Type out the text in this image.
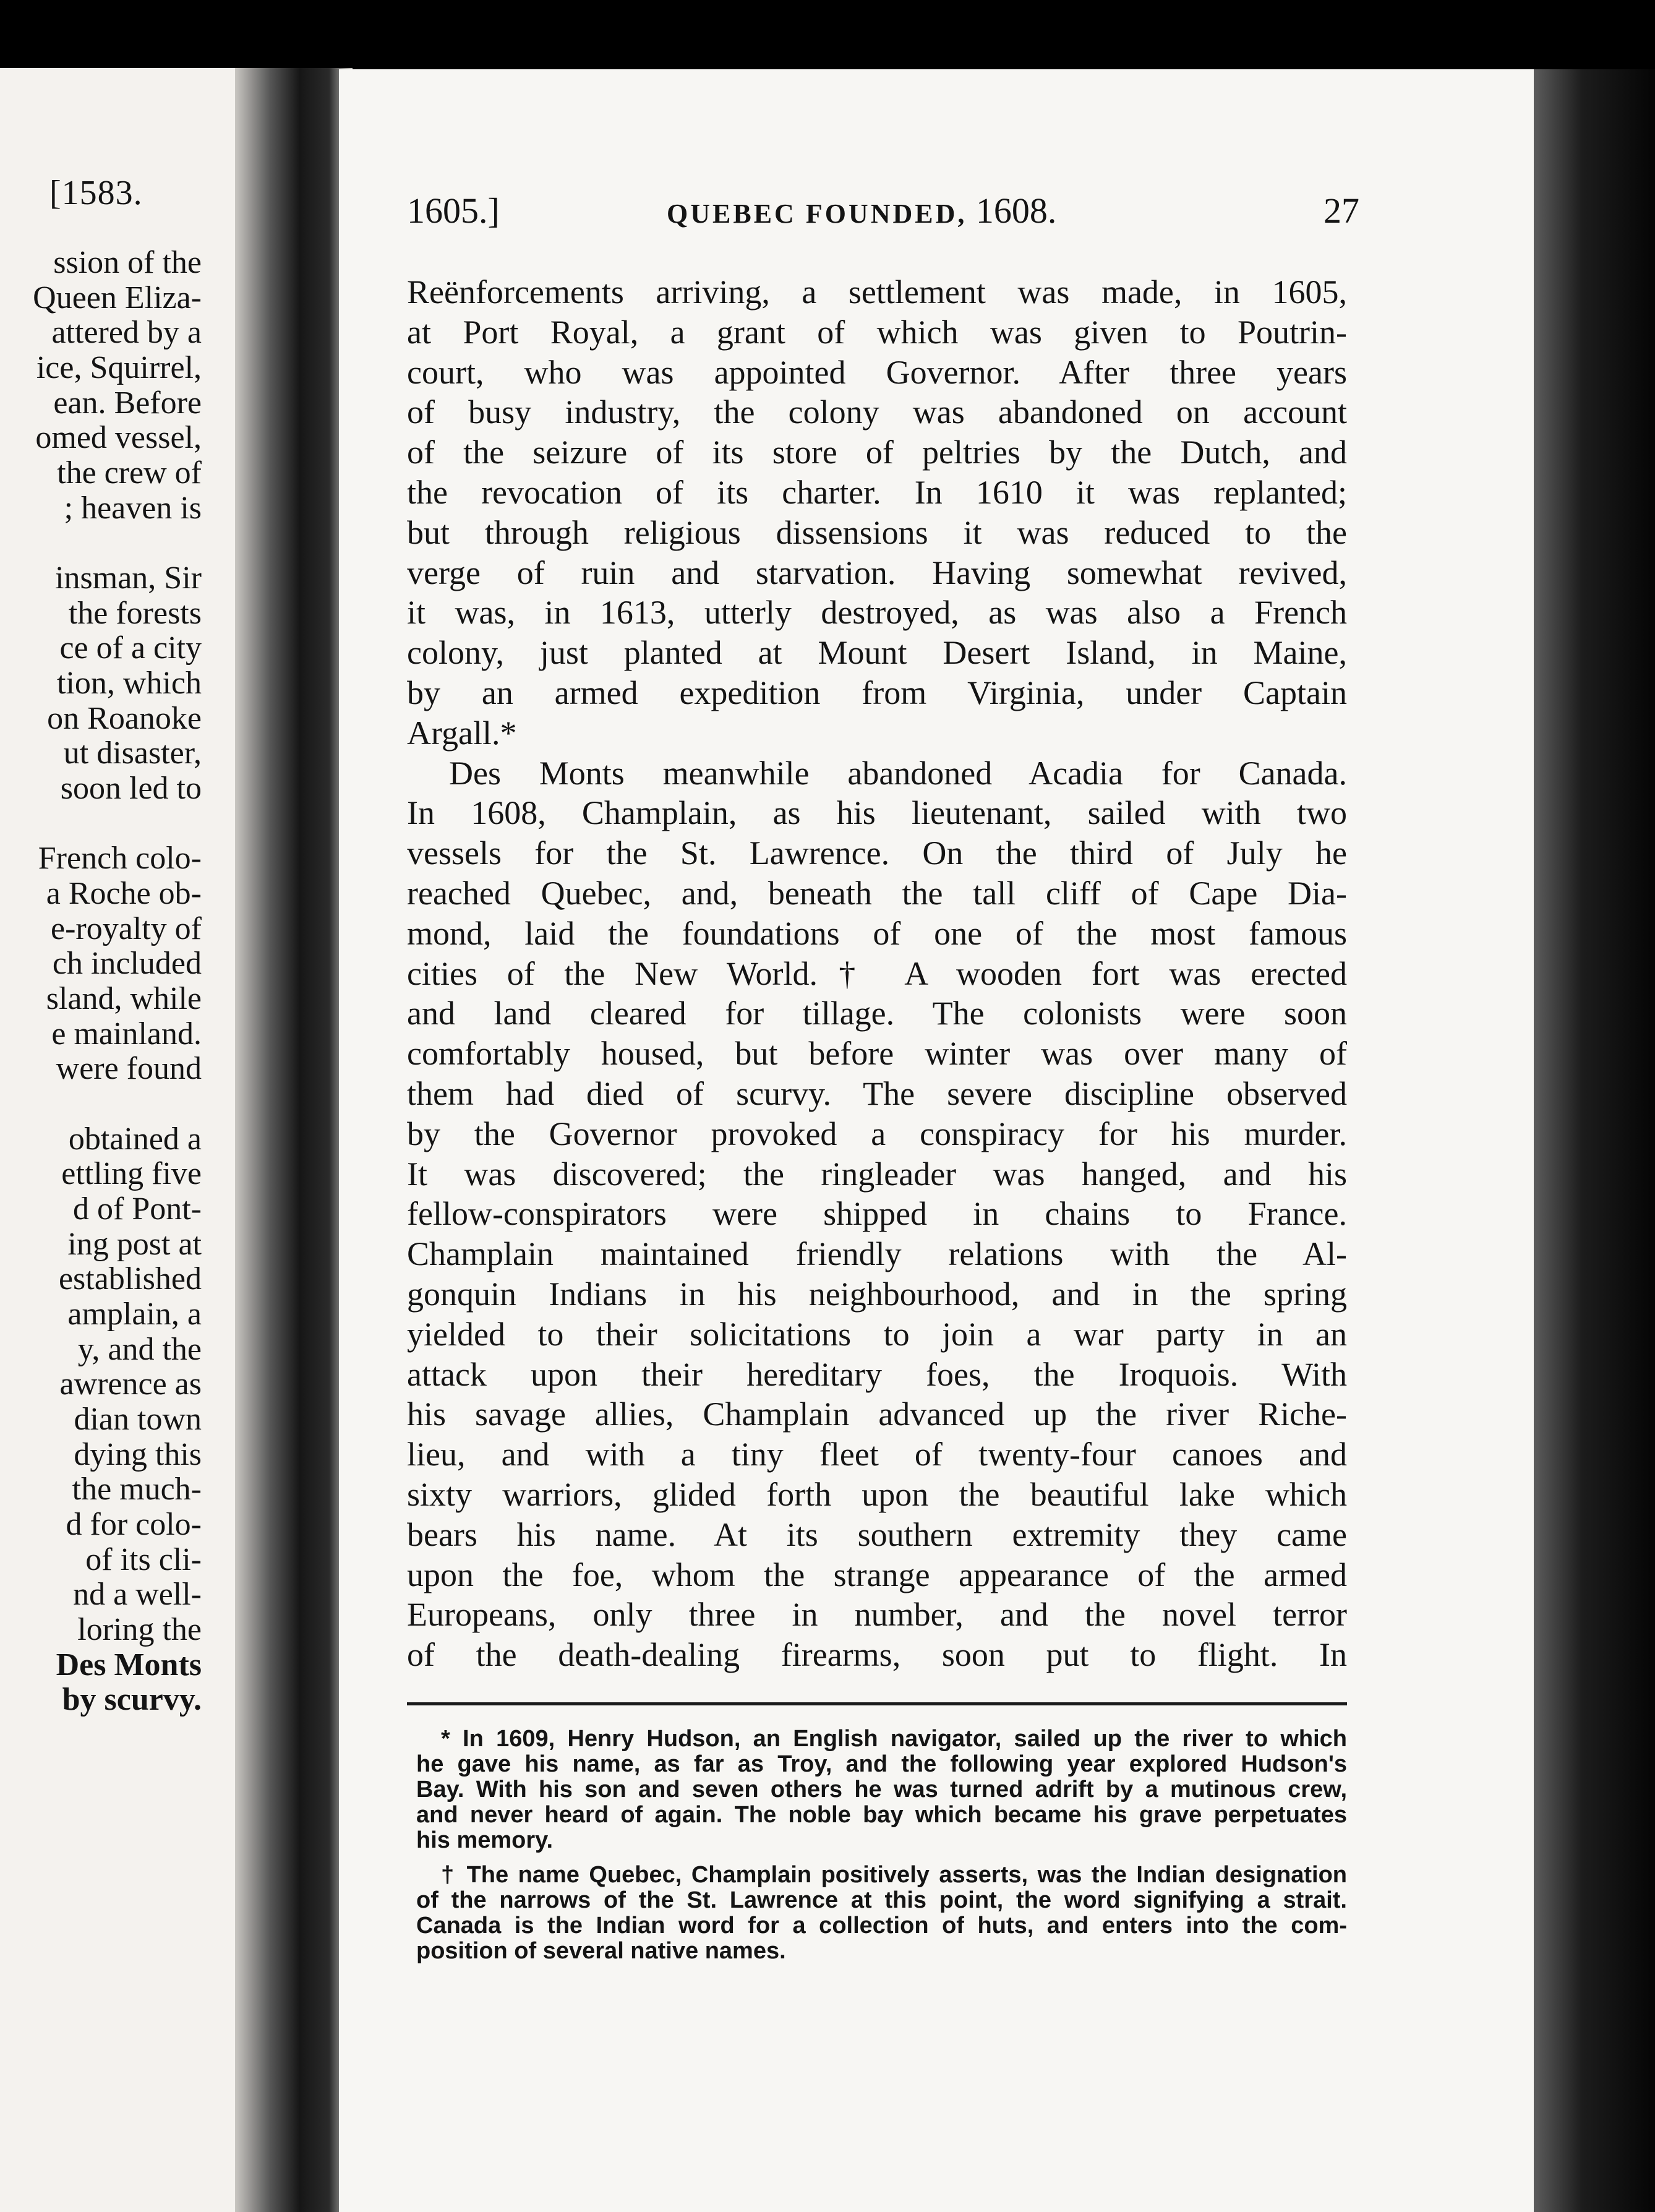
[1583.
ssion of the
Queen Eliza-
attered by a
ice, Squirrel,
ean. Before
omed vessel,
the crew of
; heaven is
insman, Sir
the forests
ce of a city
tion, which
on Roanoke
ut disaster,
soon led to
French colo-
a Roche ob-
e-royalty of
ch included
sland, while
e mainland.
were found
obtained a
ettling five
d of Pont-
ing post at
established
amplain, a
y, and the
awrence as
dian town
dying this
the much-
d for colo-
of its cli-
nd a well-
loring the
Des Monts
by scurvy.
1605.]	QUEBEC FOUNDED, 1608.	27
Reënforcements arriving, a settlement was made, in 1605,
at Port Royal, a grant of which was given to Poutrin-
court, who was appointed Governor. After three years
of busy industry, the colony was abandoned on account
of the seizure of its store of peltries by the Dutch, and
the revocation of its charter. In 1610 it was replanted;
but through religious dissensions it was reduced to the
verge of ruin and starvation. Having somewhat revived,
it was, in 1613, utterly destroyed, as was also a French
colony, just planted at Mount Desert Island, in Maine,
by an armed expedition from Virginia, under Captain
Argall.*
Des Monts meanwhile abandoned Acadia for Canada.
In 1608, Champlain, as his lieutenant, sailed with two
vessels for the St. Lawrence. On the third of July he
reached Quebec, and, beneath the tall cliff of Cape Dia-
mond, laid the foundations of one of the most famous
cities of the New World.† A wooden fort was erected
and land cleared for tillage. The colonists were soon
comfortably housed, but before winter was over many of
them had died of scurvy. The severe discipline observed
by the Governor provoked a conspiracy for his murder.
It was discovered; the ringleader was hanged, and his
fellow-conspirators were shipped in chains to France.
Champlain maintained friendly relations with the Al-
gonquin Indians in his neighbourhood, and in the spring
yielded to their solicitations to join a war party in an
attack upon their hereditary foes, the Iroquois. With
his savage allies, Champlain advanced up the river Riche-
lieu, and with a tiny fleet of twenty-four canoes and
sixty warriors, glided forth upon the beautiful lake which
bears his name. At its southern extremity they came
upon the foe, whom the strange appearance of the armed
Europeans, only three in number, and the novel terror
of the death-dealing firearms, soon put to flight. In
* In 1609, Henry Hudson, an English navigator, sailed up the river to which
he gave his name, as far as Troy, and the following year explored Hudson's
Bay. With his son and seven others he was turned adrift by a mutinous crew,
and never heard of again. The noble bay which became his grave perpetuates
his memory.
† The name Quebec, Champlain positively asserts, was the Indian designation
of the narrows of the St. Lawrence at this point, the word signifying a strait.
Canada is the Indian word for a collection of huts, and enters into the com-
position of several native names.
